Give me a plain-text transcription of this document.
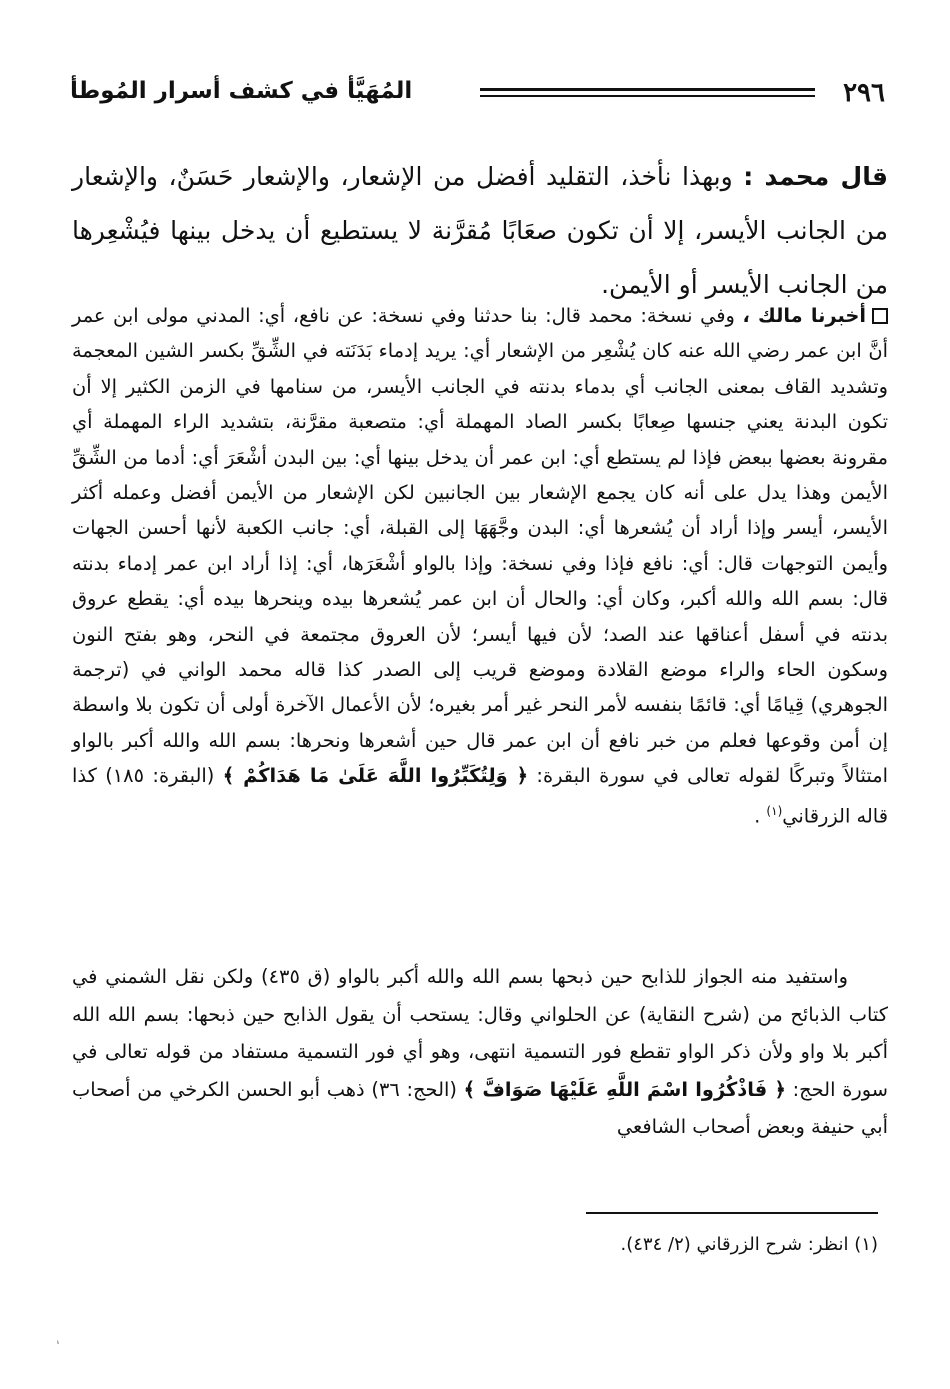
٢٩٦
المُهَيَّأ في كشف أسرار المُوطأ
قال محمد : وبهذا نأخذ، التقليد أفضل من الإشعار، والإشعار حَسَنٌ، والإشعار من الجانب الأيسر، إلا أن تكون صعَابًا مُقرَّنة لا يستطيع أن يدخل بينها فيُشْعِرها من الجانب الأيسر أو الأيمن.
أخبرنا مالك ، وفي نسخة: محمد قال: بنا حدثنا وفي نسخة: عن نافع، أي: المدني مولى ابن عمر أنَّ ابن عمر رضي الله عنه كان يُشْعِر من الإشعار أي: يريد إدماء بَدَنَته في الشِّقِّ بكسر الشين المعجمة وتشديد القاف بمعنى الجانب أي بدماء بدنته في الجانب الأيسر، من سنامها في الزمن الكثير إلا أن تكون البدنة يعني جنسها صِعابًا بكسر الصاد المهملة أي: متصعبة مقرَّنة، بتشديد الراء المهملة أي مقرونة بعضها ببعض فإذا لم يستطع أي: ابن عمر أن يدخل بينها أي: بين البدن أشْعَرَ أي: أدما من الشِّقِّ الأيمن وهذا يدل على أنه كان يجمع الإشعار بين الجانبين لكن الإشعار من الأيمن أفضل وعمله أكثر الأيسر، أيسر وإذا أراد أن يُشعرها أي: البدن وجَّهَهَا إلى القبلة، أي: جانب الكعبة لأنها أحسن الجهات وأيمن التوجهات قال: أي: نافع فإذا وفي نسخة: وإذا بالواو أشْعَرَها، أي: إذا أراد ابن عمر إدماء بدنته قال: بسم الله والله أكبر، وكان أي: والحال أن ابن عمر يُشعرها بيده وينحرها بيده أي: يقطع عروق بدنته في أسفل أعناقها عند الصد؛ لأن فيها أيسر؛ لأن العروق مجتمعة في النحر، وهو بفتح النون وسكون الحاء والراء موضع القلادة وموضع قريب إلى الصدر كذا قاله محمد الواني في (ترجمة الجوهري) قِيامًا أي: قائمًا بنفسه لأمر النحر غير أمر بغيره؛ لأن الأعمال الآخرة أولى أن تكون بلا واسطة إن أمن وقوعها فعلم من خبر نافع أن ابن عمر قال حين أشعرها ونحرها: بسم الله والله أكبر بالواو امتثالاً وتبركًا لقوله تعالى في سورة البقرة: ﴿ وَلِتُكَبِّرُوا اللَّهَ عَلَىٰ مَا هَدَاكُمْ ﴾ (البقرة: ١٨٥) كذا قاله الزرقاني$^{(١)}$ .
واستفيد منه الجواز للذابح حين ذبحها بسم الله والله أكبر بالواو (ق ٤٣٥) ولكن نقل الشمني في كتاب الذبائح من (شرح النقاية) عن الحلواني وقال: يستحب أن يقول الذابح حين ذبحها: بسم الله الله أكبر بلا واو ولأن ذكر الواو تقطع فور التسمية انتهى، وهو أي فور التسمية مستفاد من قوله تعالى في سورة الحج: ﴿ فَاذْكُرُوا اسْمَ اللَّهِ عَلَيْهَا صَوَافَّ ﴾ (الحج: ٣٦) ذهب أبو الحسن الكرخي من أصحاب أبي حنيفة وبعض أصحاب الشافعي
(١) انظر: شرح الزرقاني (٢/ ٤٣٤).
ʻ
